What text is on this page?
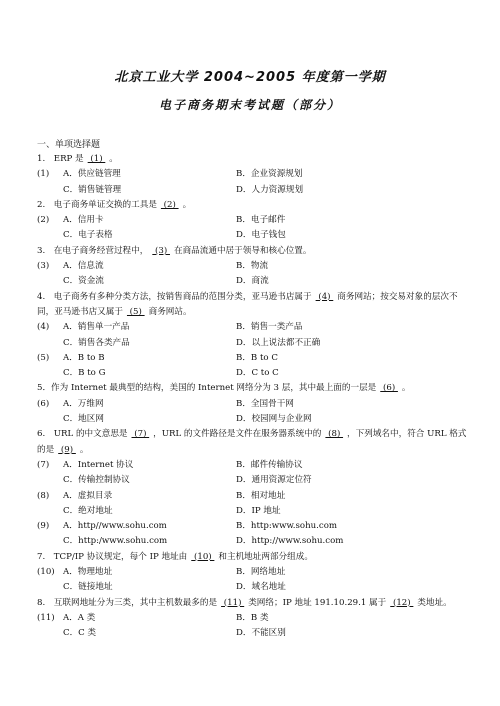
北京工业大学 2004~2005 年度第一学期
电子商务期末考试题（部分）
一、单项选择题
1.　ERP 是 (1) 。
(1) A．供应链管理	B．企业资源规划
C．销售链管理	D．人力资源规划
2.　电子商务单证交换的工具是 (2) 。
(2) A．信用卡	B．电子邮件
C．电子表格	D．电子钱包
3.　在电子商务经营过程中， (3) 在商品流通中居于领导和核心位置。
(3) A．信息流	B．物流
C．资金流	D．商流
4.　电子商务有多种分类方法，按销售商品的范围分类，亚马逊书店属于 (4) 商务网站；按交易对象的层次不同，亚马逊书店又属于 (5) 商务网站。
(4) A．销售单一产品	B．销售一类产品
C．销售各类产品	D．以上说法都不正确
(5) A．B to B	B．B to C
C．B to G	D．C to C
5．作为 Internet 最典型的结构，美国的 Internet 网络分为 3 层，其中最上面的一层是 (6) 。
(6) A．万维网	B．全国骨干网
C．地区网	D．校园网与企业网
6.　URL 的中文意思是 (7) ，URL 的文件路径是文件在服务器系统中的 (8) ，下列域名中，符合 URL 格式的是 (9) 。
(7) A．Internet 协议	B．邮件传输协议
C．传输控制协议	D．通用资源定位符
(8) A．虚拟目录	B．相对地址
C．绝对地址	D．IP 地址
(9) A．http//www.sohu.com	B．http:www.sohu.com
C．http:/www.sohu.com	D．http://www.sohu.com
7.　TCP/IP 协议规定，每个 IP 地址由 (10) 和主机地址两部分组成。
(10) A．物理地址	B．网络地址
C．链接地址	D．域名地址
8.　互联网地址分为三类，其中主机数最多的是 (11) 类网络；IP 地址 191.10.29.1 属于 (12) 类地址。
(11) A．A 类	B．B 类
C．C 类	D．不能区别
